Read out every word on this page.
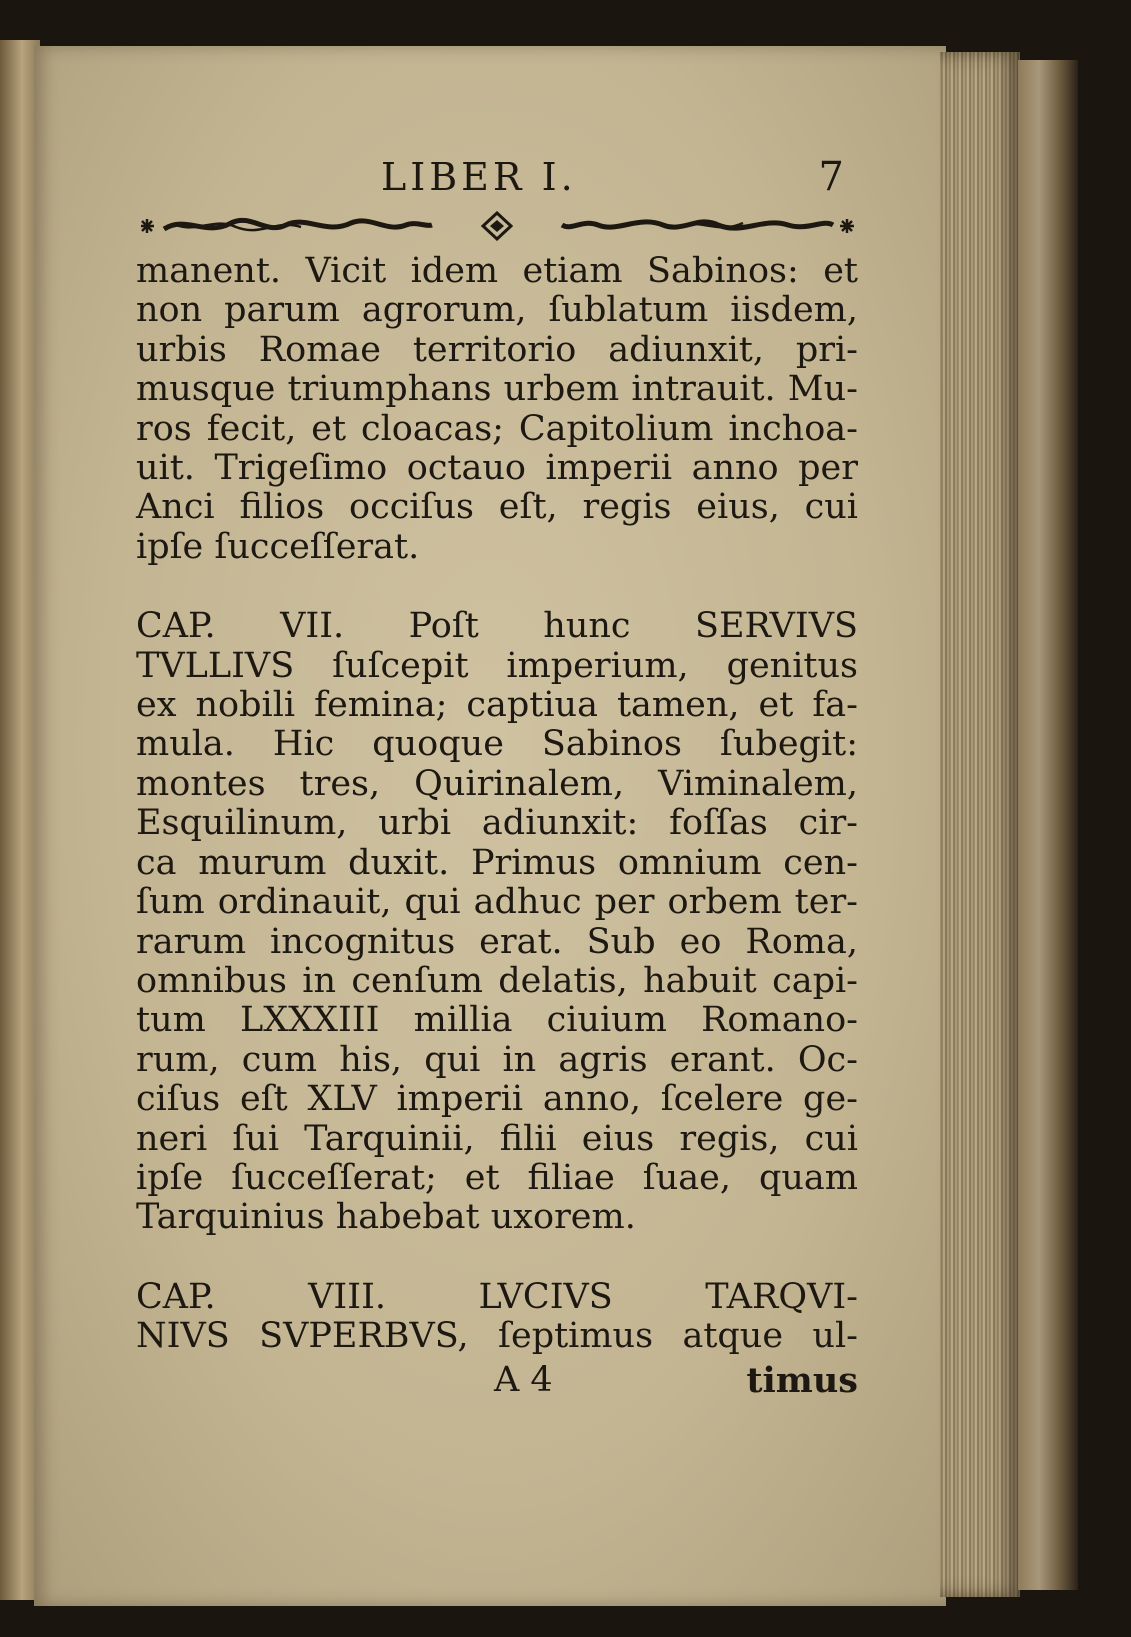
LIBER I.	7
manent. Vicit idem etiam Sabinos: et
non parum agrorum, ſublatum iisdem,
urbis Romae territorio adiunxit, pri-
musque triumphans urbem intrauit. Mu-
ros fecit, et cloacas; Capitolium inchoa-
uit. Trigeſimo octauo imperii anno per
Anci filios occiſus eſt, regis eius, cui
ipſe ſucceſſerat.
CAP. VII. Poſt hunc SERVIVS
TVLLIVS ſuſcepit imperium, genitus
ex nobili femina; captiua tamen, et fa-
mula. Hic quoque Sabinos ſubegit:
montes tres, Quirinalem, Viminalem,
Esquilinum, urbi adiunxit: foſſas cir-
ca murum duxit. Primus omnium cen-
ſum ordinauit, qui adhuc per orbem ter-
rarum incognitus erat. Sub eo Roma,
omnibus in cenſum delatis, habuit capi-
tum LXXXIII millia ciuium Romano-
rum, cum his, qui in agris erant. Oc-
ciſus eſt XLV imperii anno, ſcelere ge-
neri ſui Tarquinii, filii eius regis, cui
ipſe ſucceſſerat; et filiae ſuae, quam
Tarquinius habebat uxorem.
CAP. VIII. LVCIVS TARQVI-
NIVS SVPERBVS, ſeptimus atque ul-
A 4	timus
